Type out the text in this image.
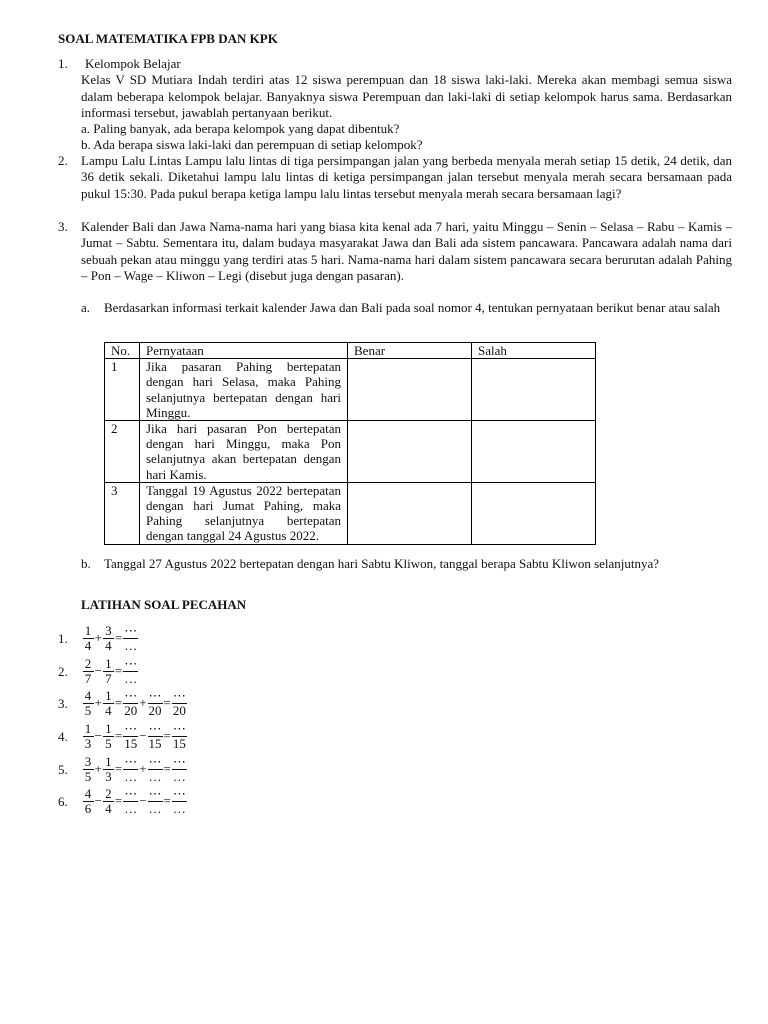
SOAL MATEMATIKA FPB DAN KPK
1.	Kelompok Belajar

Kelas V SD Mutiara Indah terdiri atas 12 siswa perempuan dan 18 siswa laki-laki. Mereka akan membagi semua siswa dalam beberapa kelompok belajar. Banyaknya siswa Perempuan dan laki-laki di setiap kelompok harus sama. Berdasarkan informasi tersebut, jawablah pertanyaan berikut.

a. Paling banyak, ada berapa kelompok yang dapat dibentuk?

b. Ada berapa siswa laki-laki dan perempuan di setiap kelompok?

2. Lampu Lalu Lintas Lampu lalu lintas di tiga persimpangan jalan yang berbeda menyala merah setiap 15 detik, 24 detik, dan 36 detik sekali. Diketahui lampu lalu lintas di ketiga persimpangan jalan tersebut menyala merah secara bersamaan pada pukul 15:30. Pada pukul berapa ketiga lampu lalu lintas tersebut menyala merah secara bersamaan lagi?

3. Kalender Bali dan Jawa Nama-nama hari yang biasa kita kenal ada 7 hari, yaitu Minggu – Senin – Selasa – Rabu – Kamis – Jumat – Sabtu. Sementara itu, dalam budaya masyarakat Jawa dan Bali ada sistem pancawara. Pancawara adalah nama dari sebuah pekan atau minggu yang terdiri atas 5 hari. Nama-nama hari dalam sistem pancawara secara berurutan adalah Pahing – Pon – Wage – Kliwon – Legi (disebut juga dengan pasaran).

a. Berdasarkan informasi terkait kalender Jawa dan Bali pada soal nomor 4, tentukan pernyataan berikut benar atau salah
No.	Pernyataan	Benar	Salah
1	Jika pasaran Pahing bertepatan dengan hari Selasa, maka Pahing selanjutnya bertepatan dengan hari Minggu.		
2	Jika hari pasaran Pon bertepatan dengan hari Minggu, maka Pon selanjutnya akan bertepatan dengan hari Kamis.		
3	Tanggal 19 Agustus 2022 bertepatan dengan hari Jumat Pahing, maka Pahing selanjutnya bertepatan dengan tanggal 24 Agustus 2022.		
b. Tanggal 27 Agustus 2022 bertepatan dengan hari Sabtu Kliwon, tanggal berapa Sabtu Kliwon selanjutnya?
LATIHAN SOAL PECAHAN
1. $\frac{1}{4} + \frac{3}{4} = \frac{\cdots}{\dots}$
2. $\frac{2}{7} - \frac{1}{7} = \frac{\cdots}{\dots}$
3. $\frac{4}{5} + \frac{1}{4} = \frac{\cdots}{20} + \frac{\cdots}{20} = \frac{\cdots}{20}$
4. $\frac{1}{3} - \frac{1}{5} = \frac{\cdots}{15} - \frac{\cdots}{15} = \frac{\cdots}{15}$
5. $\frac{3}{5} + \frac{1}{3} = \frac{\cdots}{\dots} + \frac{\cdots}{\dots} = \frac{\cdots}{\dots}$
6. $\frac{4}{6} - \frac{2}{4} = \frac{\cdots}{\dots} - \frac{\cdots}{\dots} = \frac{\cdots}{\dots}$
